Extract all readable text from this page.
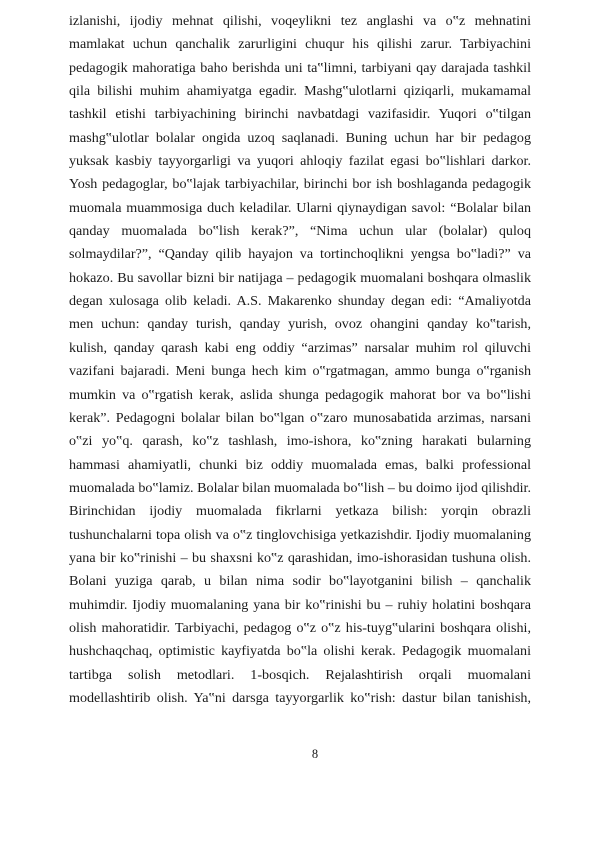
izlanishi, ijodiy mehnat qilishi, voqeylikni tez anglashi va o‟z mehnatini mamlakat uchun qanchalik zarurligini chuqur his qilishi zarur. Tarbiyachini pedagogik mahoratiga baho berishda uni ta‟limni, tarbiyani qay darajada tashkil qila bilishi muhim ahamiyatga egadir. Mashg‟ulotlarni qiziqarli, mukamamal tashkil etishi tarbiyachining birinchi navbatdagi vazifasidir. Yuqori o‟tilgan mashg‟ulotlar bolalar ongida uzoq saqlanadi. Buning uchun har bir pedagog yuksak kasbiy tayyorgarligi va yuqori ahloqiy fazilat egasi bo‟lishlari darkor. Yosh pedagoglar, bo‟lajak tarbiyachilar, birinchi bor ish boshlaganda pedagogik muomala muammosiga duch keladilar. Ularni qiynaydigan savol: “Bolalar bilan qanday muomalada bo‟lish kerak?”, “Nima uchun ular (bolalar) quloq solmaydilar?”, “Qanday qilib hayajon va tortinchoqlikni yengsa bo‟ladi?” va hokazo. Bu savollar bizni bir natijaga – pedagogik muomalani boshqara olmaslik degan xulosaga olib keladi. A.S. Makarenko shunday degan edi: “Amaliyotda men uchun: qanday turish, qanday yurish, ovoz ohangini qanday ko‟tarish, kulish, qanday qarash kabi eng oddiy “arzimas” narsalar muhim rol qiluvchi vazifani bajaradi. Meni bunga hech kim o‟rgatmagan, ammo bunga o‟rganish mumkin va o‟rgatish kerak, aslida shunga pedagogik mahorat bor va bo‟lishi kerak”. Pedagogni bolalar bilan bo‟lgan o‟zaro munosabatida arzimas, narsani o‟zi yo‟q. qarash, ko‟z tashlash, imo-ishora, ko‟zning harakati bularning hammasi ahamiyatli, chunki biz oddiy muomalada emas, balki professional muomalada bo‟lamiz. Bolalar bilan muomalada bo‟lish – bu doimo ijod qilishdir. Birinchidan ijodiy muomalada fikrlarni yetkaza bilish: yorqin obrazli tushunchalarni topa olish va o‟z tinglovchisiga yetkazishdir. Ijodiy muomalaning yana bir ko‟rinishi – bu shaxsni ko‟z qarashidan, imo-ishorasidan tushuna olish. Bolani yuziga qarab, u bilan nima sodir bo‟layotganini bilish – qanchalik muhimdir. Ijodiy muomalaning yana bir ko‟rinishi bu – ruhiy holatini boshqara olish mahoratidir. Tarbiyachi, pedagog o‟z o‟z his-tuyg‟ularini boshqara olishi, hushchaqchaq, optimistic kayfiyatda bo‟la olishi kerak. Pedagogik muomalani tartibga solish metodlari. 1-bosqich. Rejalashtirish orqali muomalani modellashtirib olish. Ya‟ni darsga tayyorgarlik ko‟rish: dastur bilan tanishish,

8
